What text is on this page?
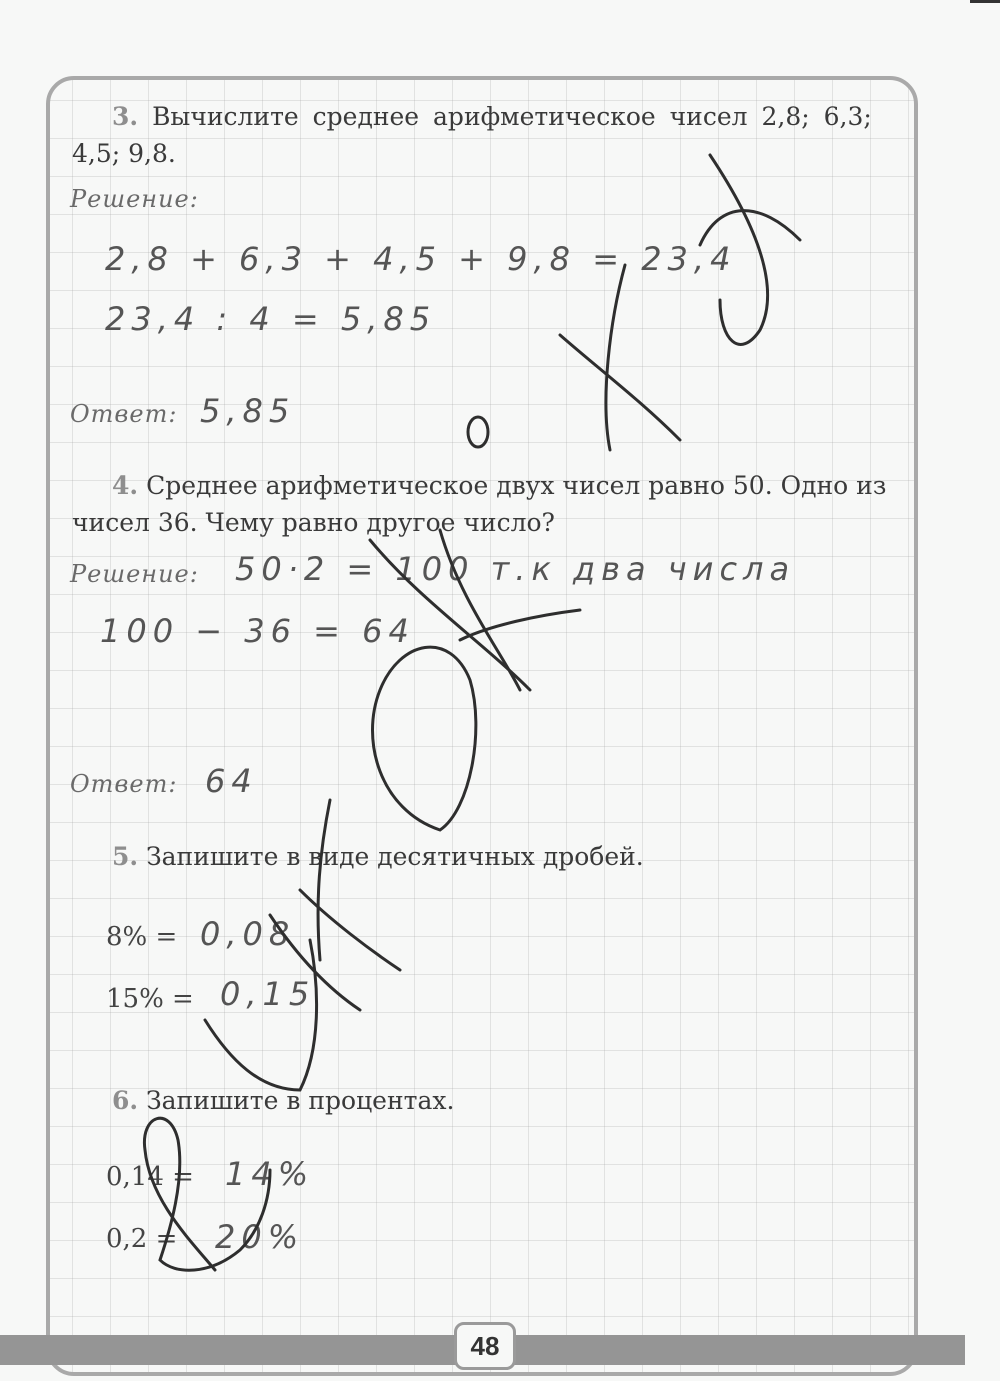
48
3. Вычислите среднее арифметическое чисел 2,8; 6,3;
4,5; 9,8.
Решение:
2,8 + 6,3 + 4,5 + 9,8 = 23,4
23,4 : 4 = 5,85
Ответ: 5,85
4. Среднее арифметическое двух чисел равно 50. Одно из
чисел 36. Чему равно другое число?
Решение: 50·2 = 100 т.к два числа
100 − 36 = 64
Ответ: 64
5. Запишите в виде десятичных дробей.
8% = 0,08
15% = 0,15
6. Запишите в процентах.
0,14 = 14%
0,2 = 20%
